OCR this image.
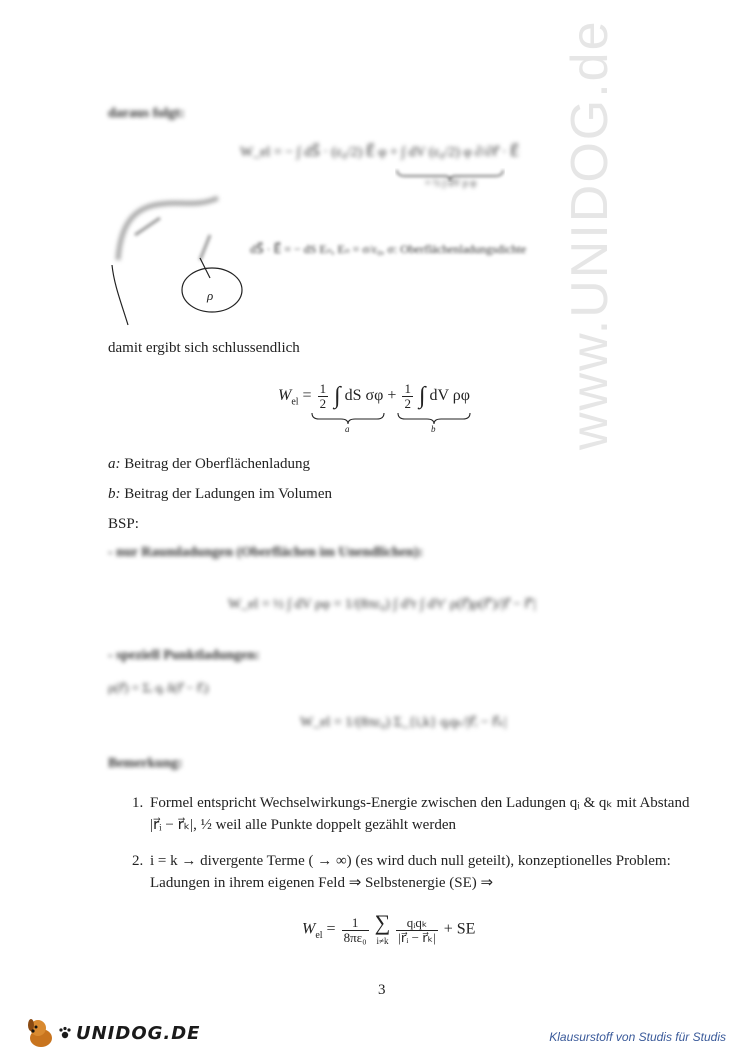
www.UNIDOG.de
daraus folgt:
W_el = − ∫ dS⃗ · (ε₀/2) E⃗ φ + ∫ dV (ε₀/2) φ ∂/∂r⃗ · E⃗
= ½ ∫ dV ρ φ
ρ
dS⃗ · E⃗ = − dS Eₙ, Eₙ = σ/ε₀, σ: Oberflächenladungsdichte
damit ergibt sich schlussendlich
$W_{el} = \frac{1}{2}$ ∫ dS $\sigma\varphi + \frac{1}{2}$ ∫ dV ρφ
a	b
a: Beitrag der Oberflächenladung
b: Beitrag der Ladungen im Volumen
BSP:
- nur Raumladungen (Oberflächen im Unendlichen):
W_el = ½ ∫ dV ρφ = 1/(8πε₀) ∫ d³r ∫ d³r′ ρ(r⃗)ρ(r⃗′)/|r⃗ − r⃗′|
- speziell Punktladungen:
ρ(r⃗) = Σᵢ qᵢ δ(r⃗ − r⃗ᵢ)
W_el = 1/(8πε₀) Σ_{i,k} qᵢqₖ/|r⃗ᵢ − r⃗ₖ|
Bemerkung:
1. Formel entspricht Wechselwirkungs-Energie zwischen den Ladungen qᵢ & qₖ mit Abstand |r⃗ᵢ − r⃗ₖ|, ½ weil alle Punkte doppelt gezählt werden
2. i = k → divergente Terme ( → ∞) (es wird duch null geteilt), konzeptionelles Problem: Ladungen in ihrem eigenen Feld ⇒ Selbstenergie (SE) ⇒
$W_{el} = \frac{1}{\text{8πε₀}}$
∑
i≠k
$\frac{\text{qᵢqₖ}}{\text{|r⃗ᵢ − r⃗ₖ|}}$ + SE
3
UNIDOG.DE	Klausurstoff von Studis für Studis
